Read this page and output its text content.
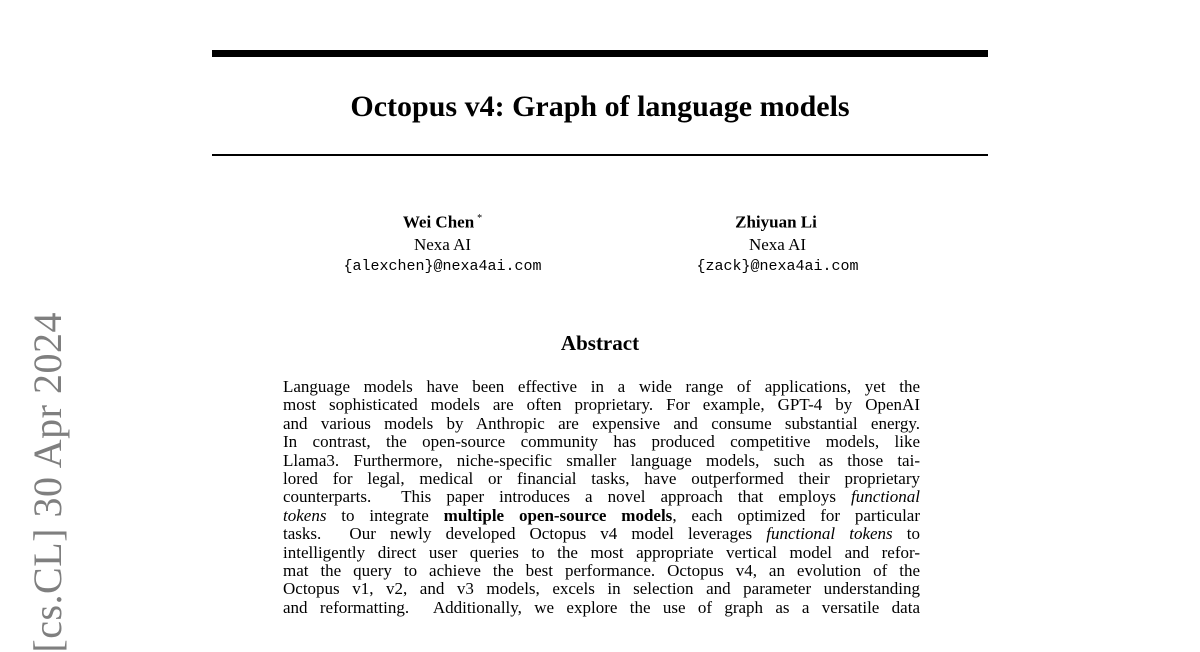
[cs.CL] 30 Apr 2024
Octopus v4: Graph of language models
Wei Chen *
Nexa AI
{alexchen}@nexa4ai.com
Zhiyuan Li
Nexa AI
{zack}@nexa4ai.com
Abstract
Language models have been effective in a wide range of applications, yet the
most sophisticated models are often proprietary. For example, GPT-4 by OpenAI
and various models by Anthropic are expensive and consume substantial energy.
In contrast, the open-source community has produced competitive models, like
Llama3. Furthermore, niche-specific smaller language models, such as those tai-
lored for legal, medical or financial tasks, have outperformed their proprietary
counterparts.  This paper introduces a novel approach that employs functional
tokens to integrate multiple open-source models, each optimized for particular
tasks.  Our newly developed Octopus v4 model leverages functional tokens to
intelligently direct user queries to the most appropriate vertical model and refor-
mat the query to achieve the best performance. Octopus v4, an evolution of the
Octopus v1, v2, and v3 models, excels in selection and parameter understanding
and reformatting.  Additionally, we explore the use of graph as a versatile data
